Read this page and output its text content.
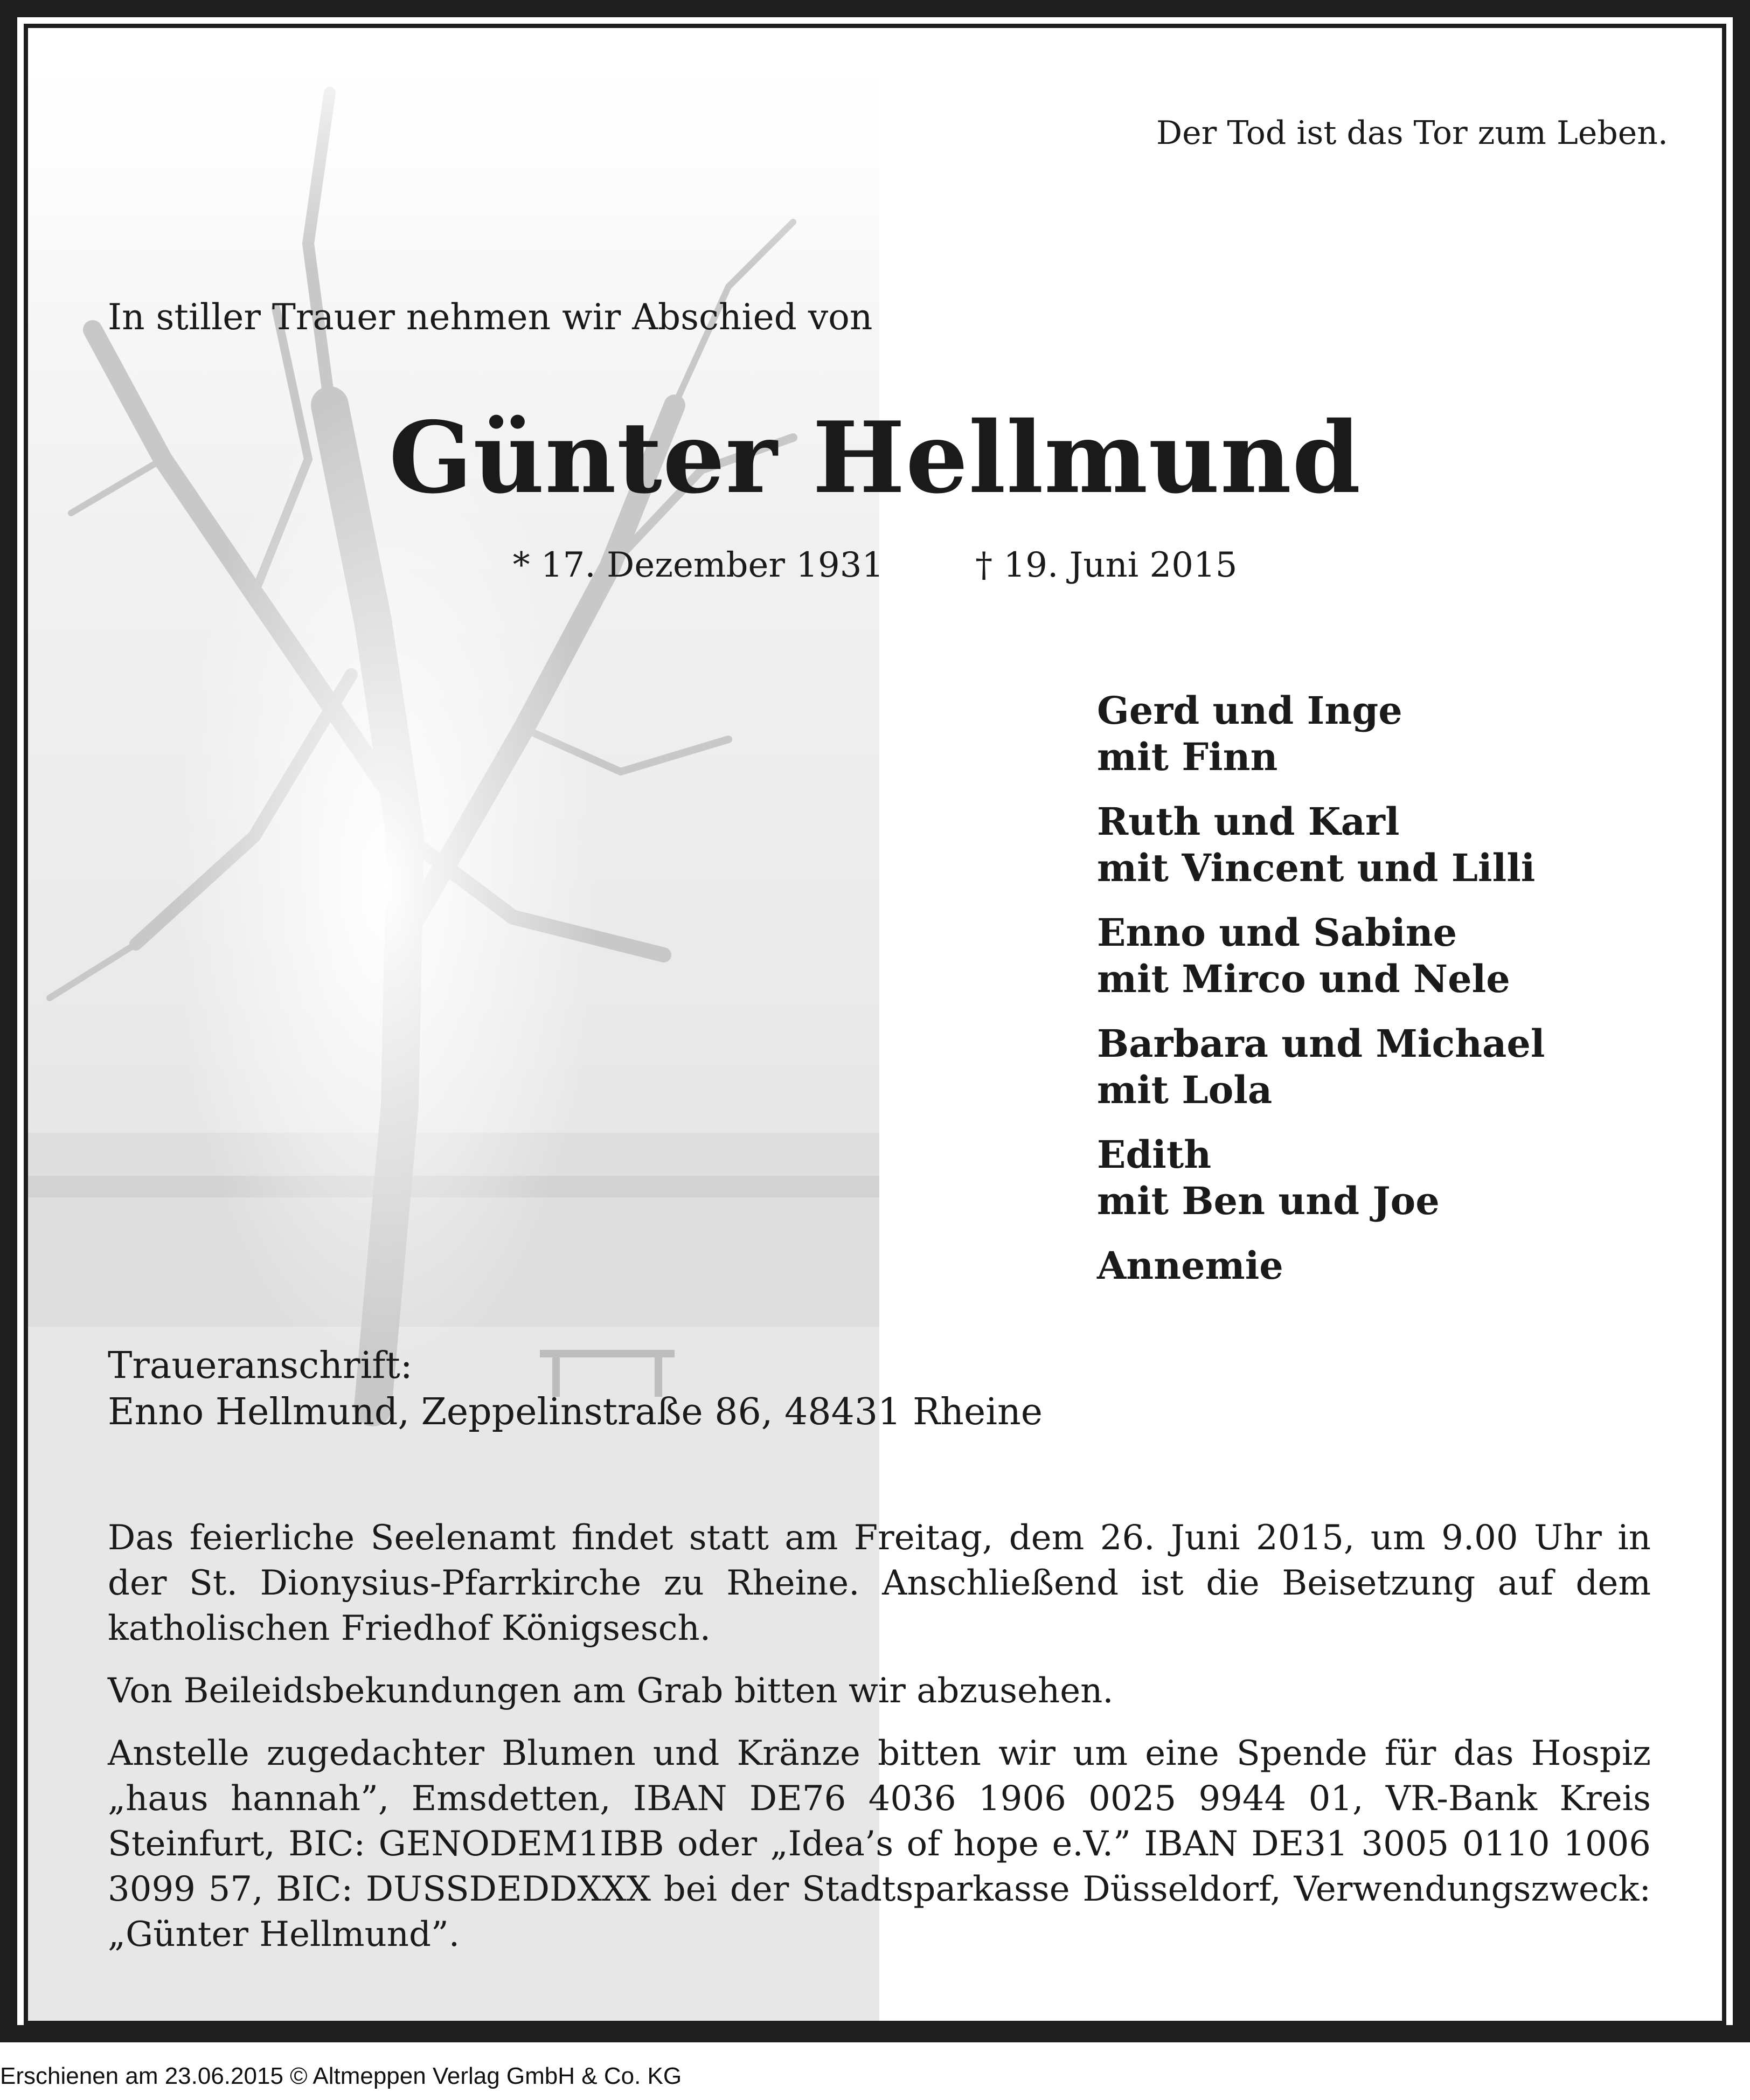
Der Tod ist das Tor zum Leben.
In stiller Trauer nehmen wir Abschied von
Günter Hellmund
* 17. Dezember 1931	† 19. Juni 2015
Gerd und Inge
mit Finn
Ruth und Karl
mit Vincent und Lilli
Enno und Sabine
mit Mirco und Nele
Barbara und Michael
mit Lola
Edith
mit Ben und Joe
Annemie
Traueranschrift:
Enno Hellmund, Zeppelinstraße 86, 48431 Rheine

Das feierliche Seelenamt findet statt am Freitag, dem 26. Juni 2015, um 9.00 Uhr in der St. Dionysius-Pfarrkirche zu Rheine. Anschließend ist die Beisetzung auf dem katholischen Friedhof Königsesch.

Von Beileidsbekundungen am Grab bitten wir abzusehen.

Anstelle zugedachter Blumen und Kränze bitten wir um eine Spende für das Hospiz „haus hannah”, Emsdetten, IBAN DE76 4036 1906 0025 9944 01, VR-Bank Kreis Steinfurt, BIC: GENODEM1IBB oder „Idea’s of hope e.V.” IBAN DE31 3005 0110 1006 3099 57, BIC: DUSSDEDDXXX bei der Stadtsparkasse Düsseldorf, Verwendungszweck: „Günter Hellmund”.

Erschienen am 23.06.2015 © Altmeppen Verlag GmbH & Co. KG
